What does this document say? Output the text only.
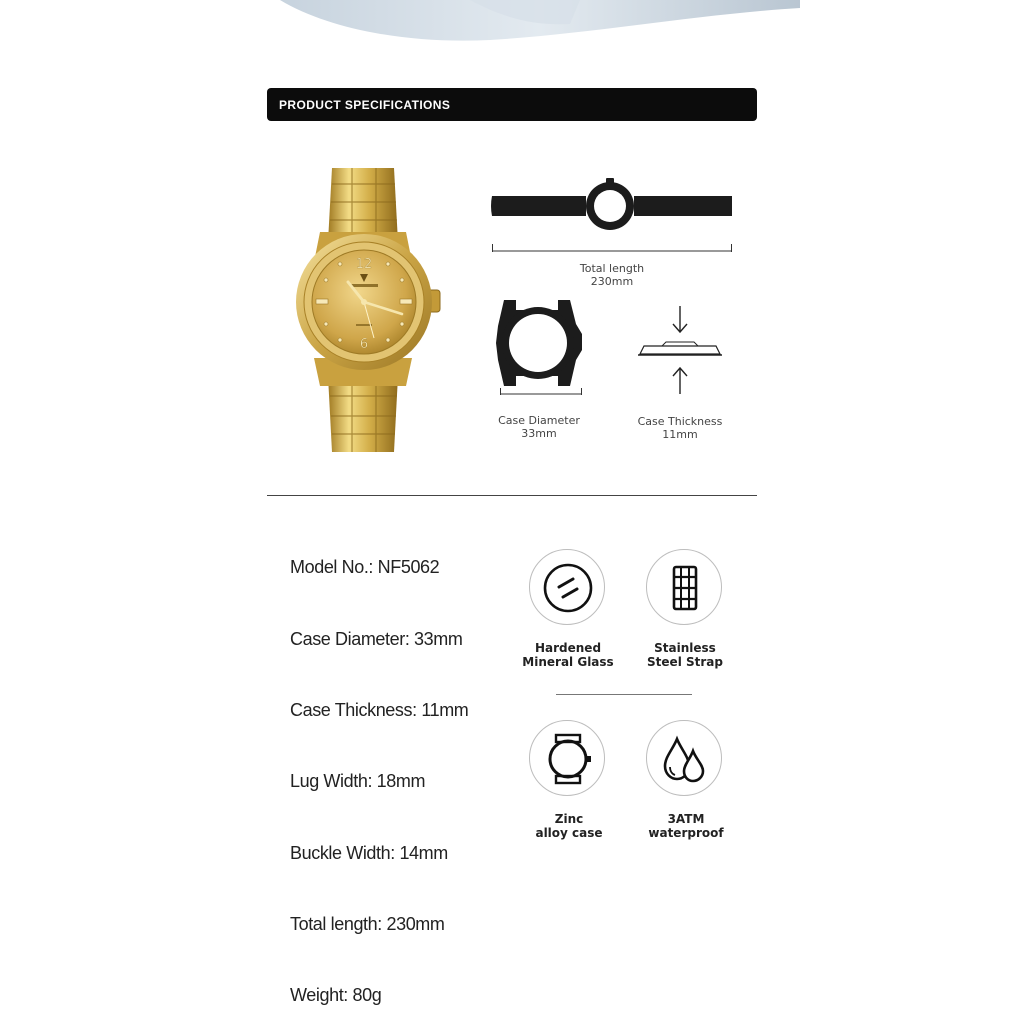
PRODUCT SPECIFICATIONS
12
6
Total length
230mm
Case Diameter
33mm
Case Thickness
11mm
Model No.: NF5062
Case Diameter: 33mm
Case Thickness: 11mm
Lug Width: 18mm
Buckle Width: 14mm
Total length: 230mm
Weight: 80g
Hardened
Mineral Glass
Stainless
Steel Strap
Zinc
alloy case
3ATM
waterproof
